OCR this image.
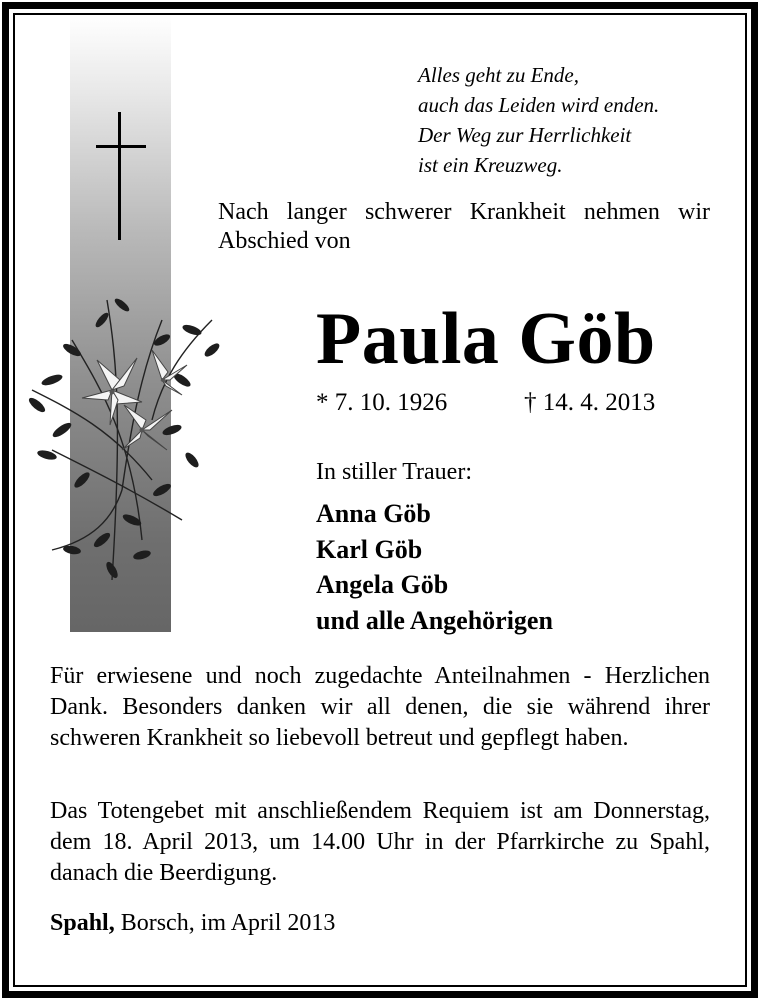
Alles geht zu Ende,
auch das Leiden wird enden.
Der Weg zur Herrlichkeit
ist ein Kreuzweg.
Nach langer schwerer Krankheit nehmen wir Abschied von
Paula Göb
* 7. 10. 1926	† 14. 4. 2013
In stiller Trauer:
Anna Göb
Karl Göb
Angela Göb
und alle Angehörigen
Für erwiesene und noch zugedachte Anteilnahmen - Herzlichen Dank. Besonders danken wir all denen, die sie während ihrer schweren Krankheit so liebevoll betreut und gepflegt haben.
Das Totengebet mit anschließendem Requiem ist am Donnerstag, dem 18. April 2013, um 14.00 Uhr in der Pfarrkirche zu Spahl, danach die Beerdigung.
Spahl, Borsch, im April 2013
